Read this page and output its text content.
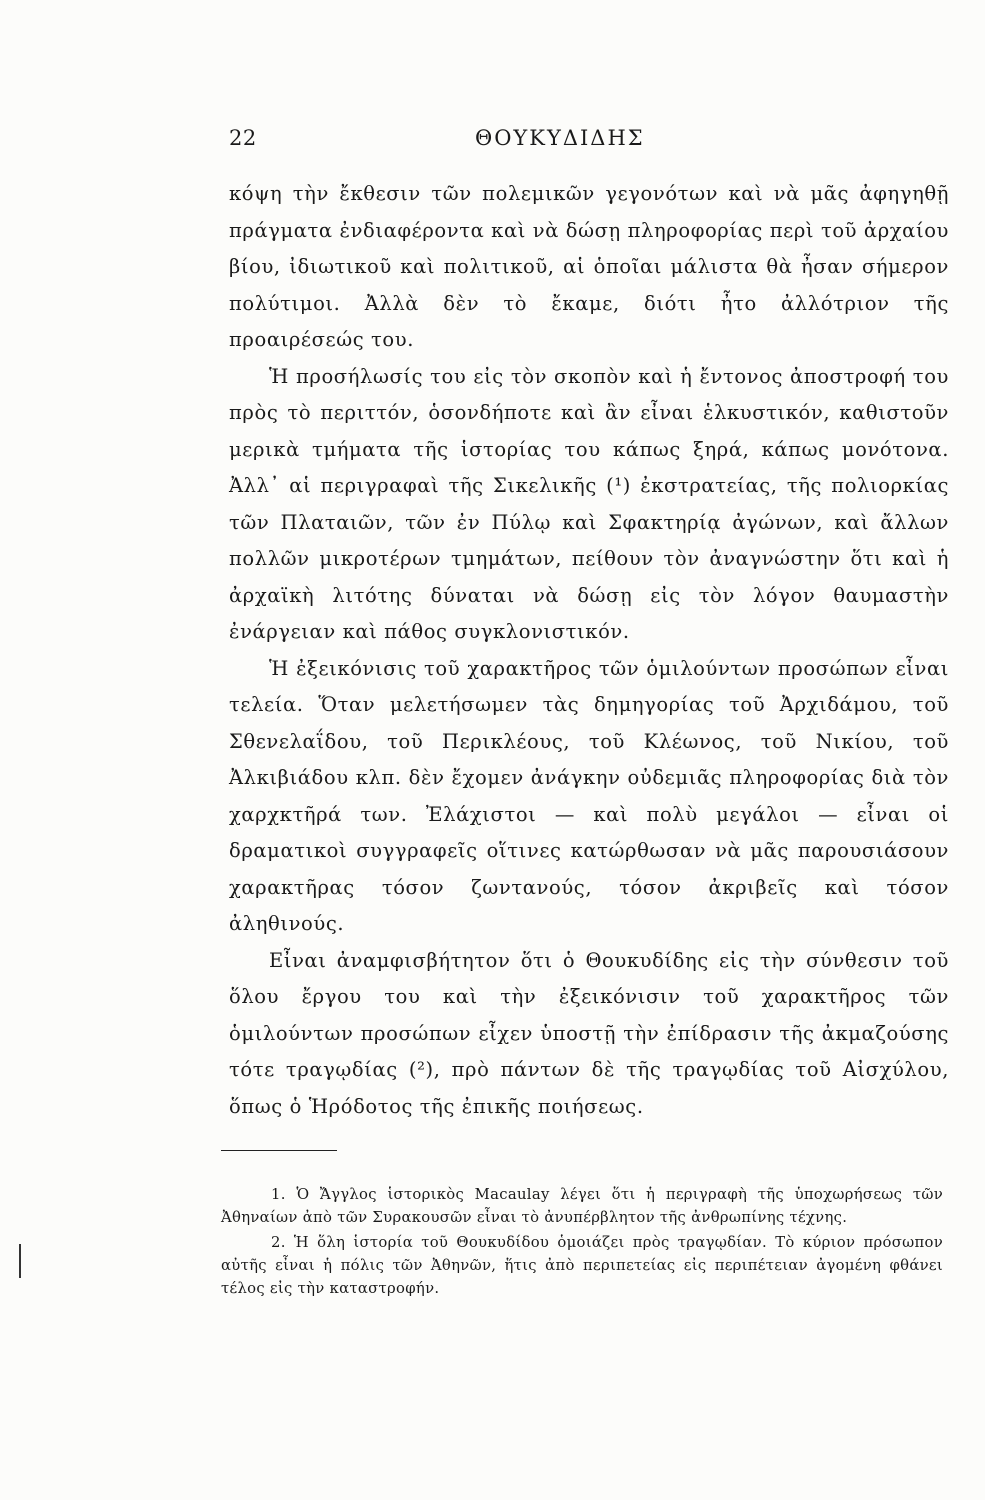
22	ΘΟΥΚΥΔΙΔΗΣ

κόψη τὴν ἔκθεσιν τῶν πολεμικῶν γεγονότων καὶ νὰ μᾶς ἀφηγηθῇ πράγματα ἐνδιαφέροντα καὶ νὰ δώσῃ πληροφορίας περὶ τοῦ ἀρχαίου βίου, ἰδιωτικοῦ καὶ πολιτικοῦ, αἱ ὁποῖαι μάλιστα θὰ ἦσαν σήμερον πολύτιμοι. Ἀλλὰ δὲν τὸ ἔκαμε, διότι ἦτο ἀλλότριον τῆς προαιρέσεώς του.

Ἡ προσήλωσίς του εἰς τὸν σκοπὸν καὶ ἡ ἔντονος ἀποστροφή του πρὸς τὸ περιττόν, ὁσονδήποτε καὶ ἂν εἶναι ἑλκυστικόν, καθιστοῦν μερικὰ τμήματα τῆς ἱστορίας του κάπως ξηρά, κάπως μονότονα. Ἀλλ᾽ αἱ περιγραφαὶ τῆς Σικελικῆς (¹) ἐκστρατείας, τῆς πολιορκίας τῶν Πλαταιῶν, τῶν ἐν Πύλῳ καὶ Σφακτηρίᾳ ἀγώνων, καὶ ἄλλων πολλῶν μικροτέρων τμημάτων, πείθουν τὸν ἀναγνώστην ὅτι καὶ ἡ ἀρχαϊκὴ λιτότης δύναται νὰ δώσῃ εἰς τὸν λόγον θαυμαστὴν ἐνάργειαν καὶ πάθος συγκλονιστικόν.

Ἡ ἐξεικόνισις τοῦ χαρακτῆρος τῶν ὁμιλούντων προσώπων εἶναι τελεία. Ὅταν μελετήσωμεν τὰς δημηγορίας τοῦ Ἀρχιδάμου, τοῦ Σθενελαΐδου, τοῦ Περικλέους, τοῦ Κλέωνος, τοῦ Νικίου, τοῦ Ἀλκιβιάδου κλπ. δὲν ἔχομεν ἀνάγκην οὐδεμιᾶς πληροφορίας διὰ τὸν χαρχκτῆρά των. Ἐλάχιστοι — καὶ πολὺ μεγάλοι — εἶναι οἱ δραματικοὶ συγγραφεῖς οἵτινες κατώρθωσαν νὰ μᾶς παρουσιάσουν χαρακτῆρας τόσον ζωντανούς, τόσον ἀκριβεῖς καὶ τόσον ἀληθινούς.

Εἶναι ἀναμφισβήτητον ὅτι ὁ Θουκυδίδης εἰς τὴν σύνθεσιν τοῦ ὅλου ἔργου του καὶ τὴν ἐξεικόνισιν τοῦ χαρακτῆρος τῶν ὁμιλούντων προσώπων εἶχεν ὑποστῇ τὴν ἐπίδρασιν τῆς ἀκμαζούσης τότε τραγῳδίας (²), πρὸ πάντων δὲ τῆς τραγῳδίας τοῦ Αἰσχύλου, ὅπως ὁ Ἡρόδοτος τῆς ἐπικῆς ποιήσεως.

1. Ὁ Ἄγγλος ἱστορικὸς Macaulay λέγει ὅτι ἡ περιγραφὴ τῆς ὑποχωρήσεως τῶν Ἀθηναίων ἀπὸ τῶν Συρακουσῶν εἶναι τὸ ἀνυπέρβλητον τῆς ἀνθρωπίνης τέχνης.

2. Ἡ ὅλη ἱστορία τοῦ Θουκυδίδου ὁμοιάζει πρὸς τραγῳδίαν. Τὸ κύριον πρόσωπον αὐτῆς εἶναι ἡ πόλις τῶν Ἀθηνῶν, ἥτις ἀπὸ περιπετείας εἰς περιπέτειαν ἀγομένη φθάνει τέλος εἰς τὴν καταστροφήν.
